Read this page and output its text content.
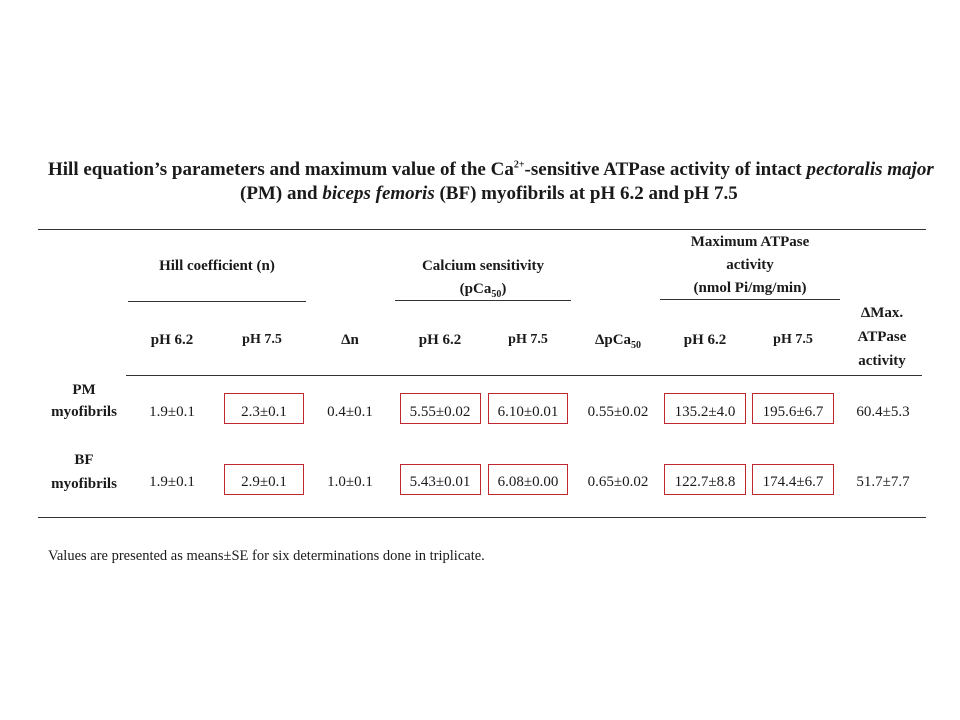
Hill equation’s parameters and maximum value of the $Ca^{2+}$-sensitive ATPase activity of intact pectoralis major
(PM) and biceps femoris (BF) myofibrils at pH 6.2 and pH 7.5
Hill coefficient (n)	Calcium sensitivity
(pCa$_{50}$)
Maximum ATPase
activity
(nmol Pi/mg/min)
pH 6.2	pH 7.5	Δn	pH 6.2	pH 7.5	ΔpCa$_{50}$	pH 6.2	pH 7.5
ΔMax.
ATPase
activity
PM
myofibrils	1.9±0.1	2.3±0.1	0.4±0.1	5.55±0.02	6.10±0.01	0.55±0.02	135.2±4.0	195.6±6.7	60.4±5.3
BF
myofibrils	1.9±0.1	2.9±0.1	1.0±0.1	5.43±0.01	6.08±0.00	0.65±0.02	122.7±8.8	174.4±6.7	51.7±7.7
Values are presented as means±SE for six determinations done in triplicate.
